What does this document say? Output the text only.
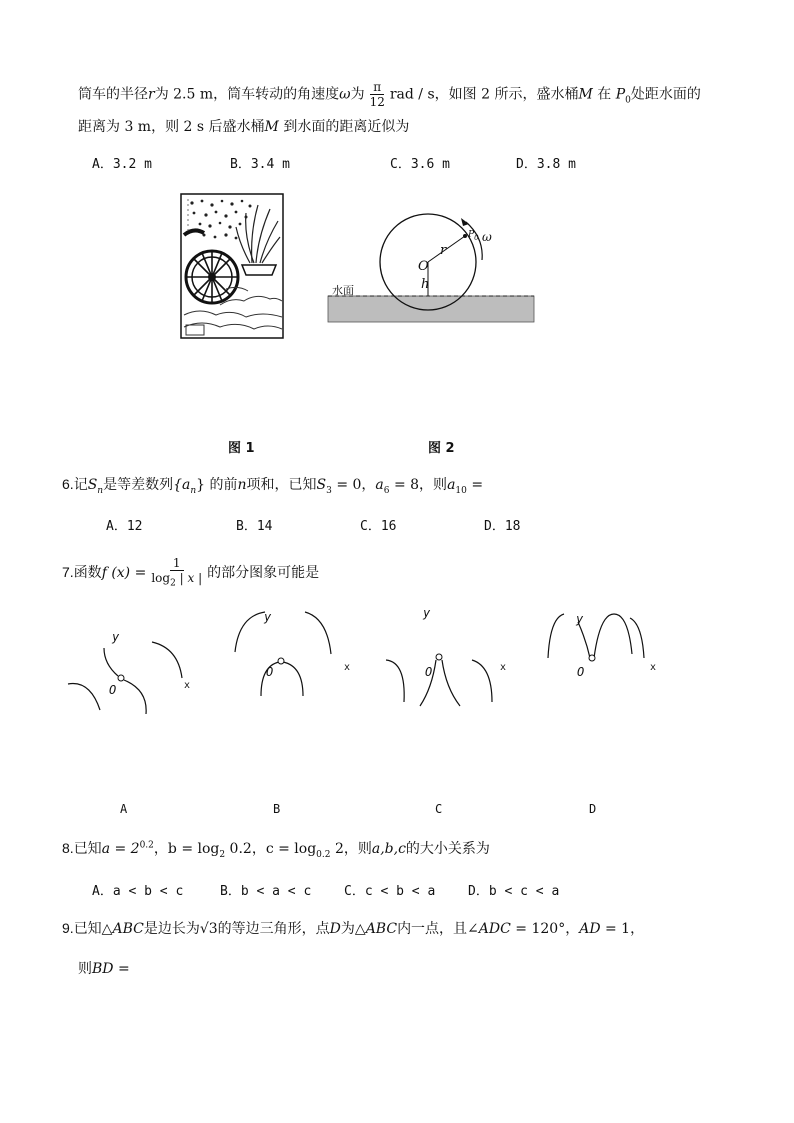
筒车的半径r为 2.5 m，筒车转动的角速度ω为 $\frac{\pi}{12}$ rad / s，如图 2 所示，盛水桶M 在 $P_0$处距水面的
距离为 3 m，则 2 s 后盛水桶M 到水面的距离近似为
A．3.2 m	B．3.4 m	C．3.6 m	D．3.8 m
水面
O
r
h
$P_0$ ω
图 1	图 2
6.记$S_n$是等差数列$\{a_n\}$ 的前n项和，已知$S_3 = 0$，$a_6 = 8$，则$a_{10}$ =
A．12	B．14	C．16	D．18
7.函数f $(x) = \frac{1}{\log_2 | x |}$ 的部分图象可能是
y
O	x
y
O	x
y
O	x
y
O	x
A	B	C	D
8.已知$a = 2^{0.2}$，$b = \log_2 0.2$，$c = \log_{0.2} 2$，则a,b,c的大小关系为
A．a < b < c	B．b < a < c	C．c < b < a	D．b < c < a
9.已知△ABC是边长为√3的等边三角形，点D为△ABC内一点，且∠ADC = 120°，AD = 1，
则BD =
